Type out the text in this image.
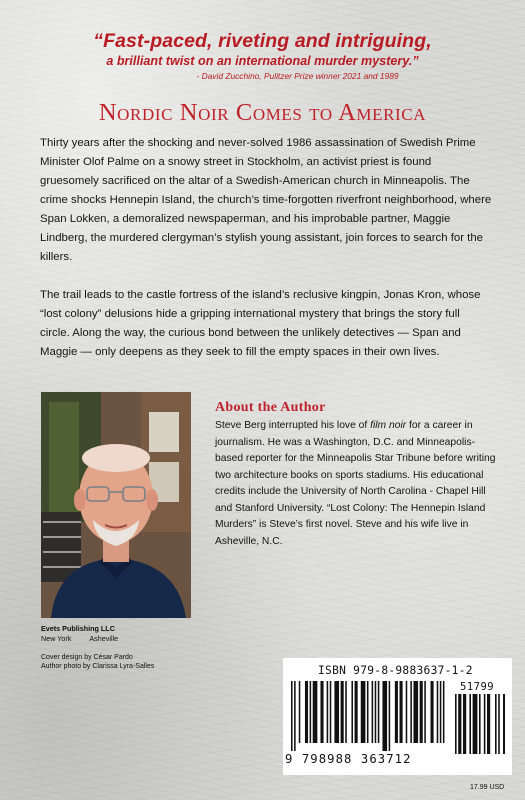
“Fast-paced, riveting and intriguing,
a brilliant twist on an international murder mystery.”
- David Zucchino, Pulitzer Prize winner 2021 and 1989
Nordic Noir Comes to America
Thirty years after the shocking and never-solved 1986 assassination of Swedish Prime Minister Olof Palme on a snowy street in Stockholm, an activist priest is found gruesomely sacrificed on the altar of a Swedish-American church in Minneapolis. The crime shocks Hennepin Island, the church’s time-forgotten riverfront neighborhood, where Span Lokken, a demoralized newspaperman, and his improbable partner, Maggie Lindberg, the murdered clergyman’s stylish young assistant, join forces to search for the killers.
The trail leads to the castle fortress of the island’s reclusive kingpin, Jonas Kron, whose “lost colony” delusions hide a gripping international mystery that brings the story full circle. Along the way, the curious bond between the unlikely detectives — Span and Maggie — only deepens as they seek to fill the empty spaces in their own lives.
About the Author
Steve Berg interrupted his love of film noir for a career in journalism. He was a Washington, D.C. and Minneapolis-based reporter for the Minneapolis Star Tribune before writing two architecture books on sports stadiums. His educational credits include the University of North Carolina - Chapel Hill and Stanford University. “Lost Colony: The Hennepin Island Murders” is Steve’s first novel. Steve and his wife live in Asheville, N.C.
Evets Publishing LLC
New York	Asheville
Cover design by César Pardo
Author photo by Clarissa Lyra-Salles	ISBN 979-8-9883637-1-2
51799
9 798988 363712
17.99 USD
